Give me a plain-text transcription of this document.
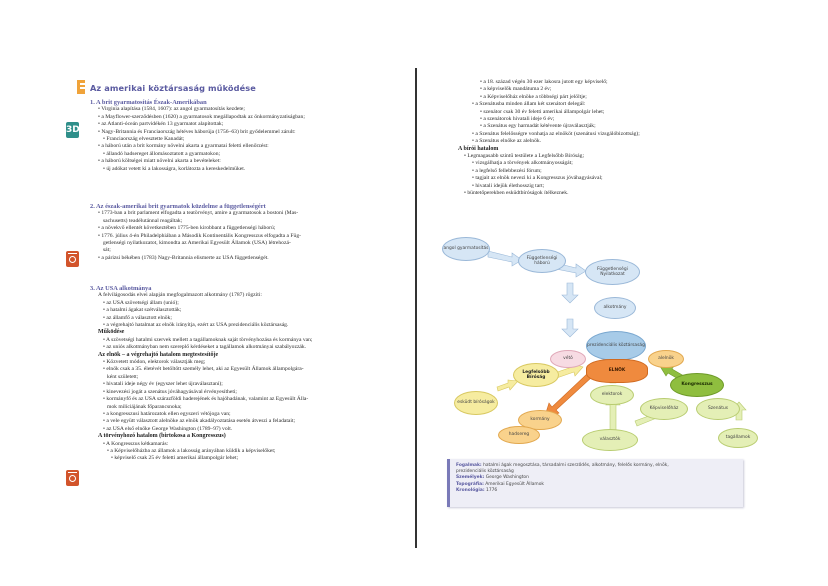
Az amerikai köztársaság működése
3D
1. A brit gyarmatosítás Észak-Amerikában
• Virginia alapítása (1584, 1607): az angol gyarmatosítás kezdete;
• a Mayflower-szerződésben (1620) a gyarmatosok megállapodtak az önkormányzatiságban;
• az Atlanti-óceán partvidékén 13 gyarmatot alapítottak;
• Nagy-Britannia és Franciaország hétéves háborúja (1756–63) brit győdelemmel zárult:
• Franciaország elvesztette Kanadát;
• a háború után a brit kormány növelni akarta a gyarmatai feletti ellenőrzést:
• állandó hadsereget állomásoztatott a gyarmatokon;
• a háború költségei miatt növelni akarta a bevételeket:
• új adókat vetett ki a lakosságra, korlátozta a kereskedelmüket.
2. Az észak-amerikai brit gyarmatok küzdelme a függetlenségért
• 1773-ban a brit parlament elfogadta a teatörvényt, amire a gyarmatosok a bostoni (Mas-
sachusetts) teadélutánnal reagáltak;
• a növekvő ellentét következtében 1775-ben kirobbant a függetlenségi háború;
• 1776. július 4-én Philadelphiában a Második Kontinentális Kongresszus elfogadta a Füg-
getlenségi nyilatkozatot, kimondta az Amerikai Egyesült Államok (USA) létrehozá-
sát;
• a párizsi békében (1783) Nagy-Britannia elismerte az USA függetlenségét.
3. Az USA alkotmánya
A felvilágosodás elvei alapján megfogalmazott alkotmány (1787) rögzíti:
• az USA szövetségi állam (unió);
• a hatalmi ágakat szétválasztották;
• az államfő a választott elnök;
• a végrehajtó hatalmat az elnök irányítja, ezért az USA prezidenciális köztársaság.
Működése
• A szövetségi hatalmi szervek mellett a tagállamoknak saját törvényhozása és kormánya van;
• az uniós alkotmányban nem szereplő kérdéseket a tagállamok alkotmányai szabályozzák.
Az elnök – a végrehajtó hatalom megtestesítője
• Közvetett módon, elektorok választják meg;
• elnök csak a 35. életévét betöltött személy lehet, aki az Egyesült Államok állampolgára-
ként született;
• hivatali ideje négy év (egyszer lehet újraválasztani);
• kinevezési jogát a szenátus jóváhagyásával érvényesítheti;
• kormányfő és az USA szárazföldi haderejének és hajóhadának, valamint az Egyesült Álla-
mok milíciájának főparancsnoka;
• a kongresszusi határozatok ellen egyszeri vétójoga van;
• a vele együtt választott alelnöke az elnök akadályoztatása esetén átveszi a feladatait;
• az USA első elnöke George Washington (1789–97) volt.
A törvényhozó hatalom (birtokosa a Kongresszus)
• A Kongresszus kétkamarás:
• a Képviselőházba az államok a lakosság arányában küldik a képviselőket;
• képviselő csak 25 év feletti amerikai állampolgár lehet;
• a 18. század végén 30 ezer lakosra jutott egy képviselő;
• a képviselők mandátuma 2 év;
• a Képviselőház elnöke a többségi párt jelöltje;
• a Szenátusba minden állam két szenátort delegál:
• szenátor csak 30 év feletti amerikai állampolgár lehet;
• a szenátorok hivatali ideje 6 év;
• a Szenátus egy harmadát kétévente újraválasztják;
• a Szenátus felelősségre vonhatja az elnököt (szenátusi vizsgálóbizottság);
• a Szenátus elnöke az alelnök.
A bírói hatalom
• Legmagasabb szintű testülete a Legfelsőbb Bíróság;
• vizsgálhatja a törvények alkotmányosságát;
• a legfelső fellebbezési fórum;
• tagjait az elnök nevezi ki a Kongresszus jóváhagyásával;
• hivatali idejük élethosszig tart;
• büntetőperekben esküdtbíróságok ítélkeznek.
angol gyarmatosítás
Függetlenségi háború
Függetlenségi Nyilatkozat
alkotmány
prezidenciális köztársaság
vétó	alelnök
ELNÖK
Legfelsőbb Bíróság
esküdt bíróságok
kormány
hadsereg
elektorok
választók
Kongresszus
Képviselőház	Szenátus
tagállamok
Fogalmak: hatalmi ágak megosztása, társadalmi szerződés, alkotmány, felelős kormány, elnök,
prezidenciális köztársaság
Személyek: George Washington
Topográfia: Amerikai Egyesült Államok
Kronológia: 1776
